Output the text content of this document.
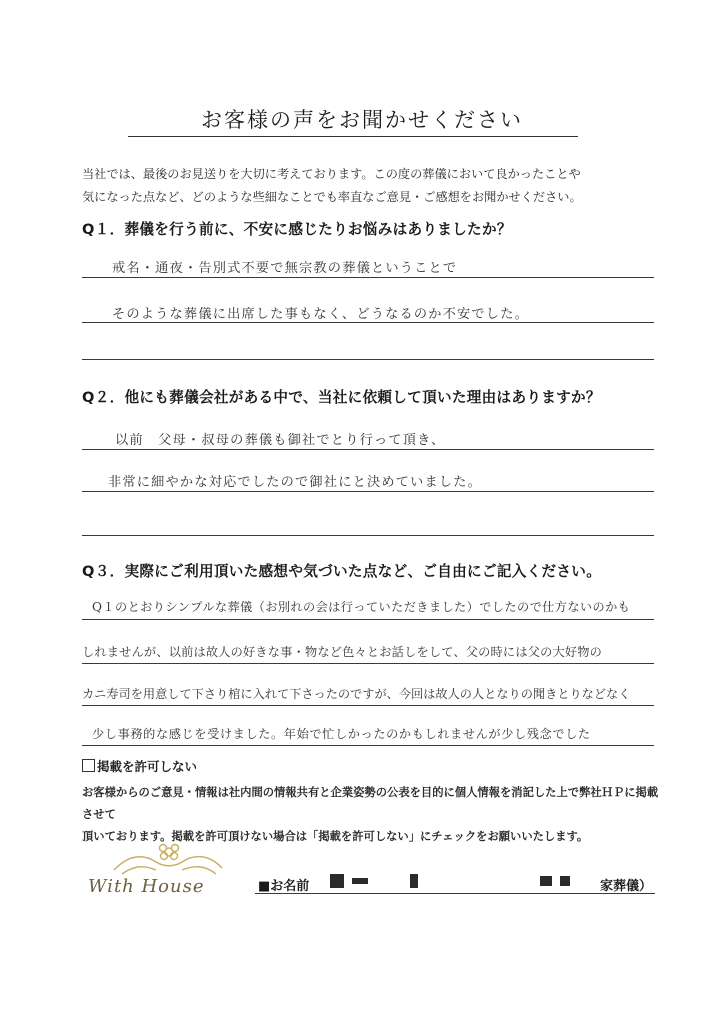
お客様の声をお聞かせください
当社では、最後のお見送りを大切に考えております。この度の葬儀において良かったことや
気になった点など、どのような些細なことでも率直なご意見・ご感想をお聞かせください。
Q１．葬儀を行う前に、不安に感じたりお悩みはありましたか？
戒名・通夜・告別式不要で無宗教の葬儀ということで
そのような葬儀に出席した事もなく、どうなるのか不安でした。
Q２．他にも葬儀会社がある中で、当社に依頼して頂いた理由はありますか？
以前　父母・叔母の葬儀も御社でとり行って頂き、
非常に細やかな対応でしたので御社にと決めていました。
Q３．実際にご利用頂いた感想や気づいた点など、ご自由にご記入ください。
Q１のとおりシンプルな葬儀（お別れの会は行っていただきました）でしたので仕方ないのかも
しれませんが、以前は故人の好きな事・物など色々とお話しをして、父の時には父の大好物の
カニ寿司を用意して下さり棺に入れて下さったのですが、今回は故人の人となりの聞きとりなどなく
少し事務的な感じを受けました。年始で忙しかったのかもしれませんが少し残念でした
掲載を許可しない
お客様からのご意見・情報は社内間の情報共有と企業姿勢の公表を目的に個人情報を消記した上で弊社ＨＰに掲載させて
頂いております。掲載を許可頂けない場合は「掲載を許可しない」にチェックをお願いいたします。
With House	■お名前	家葬儀）
